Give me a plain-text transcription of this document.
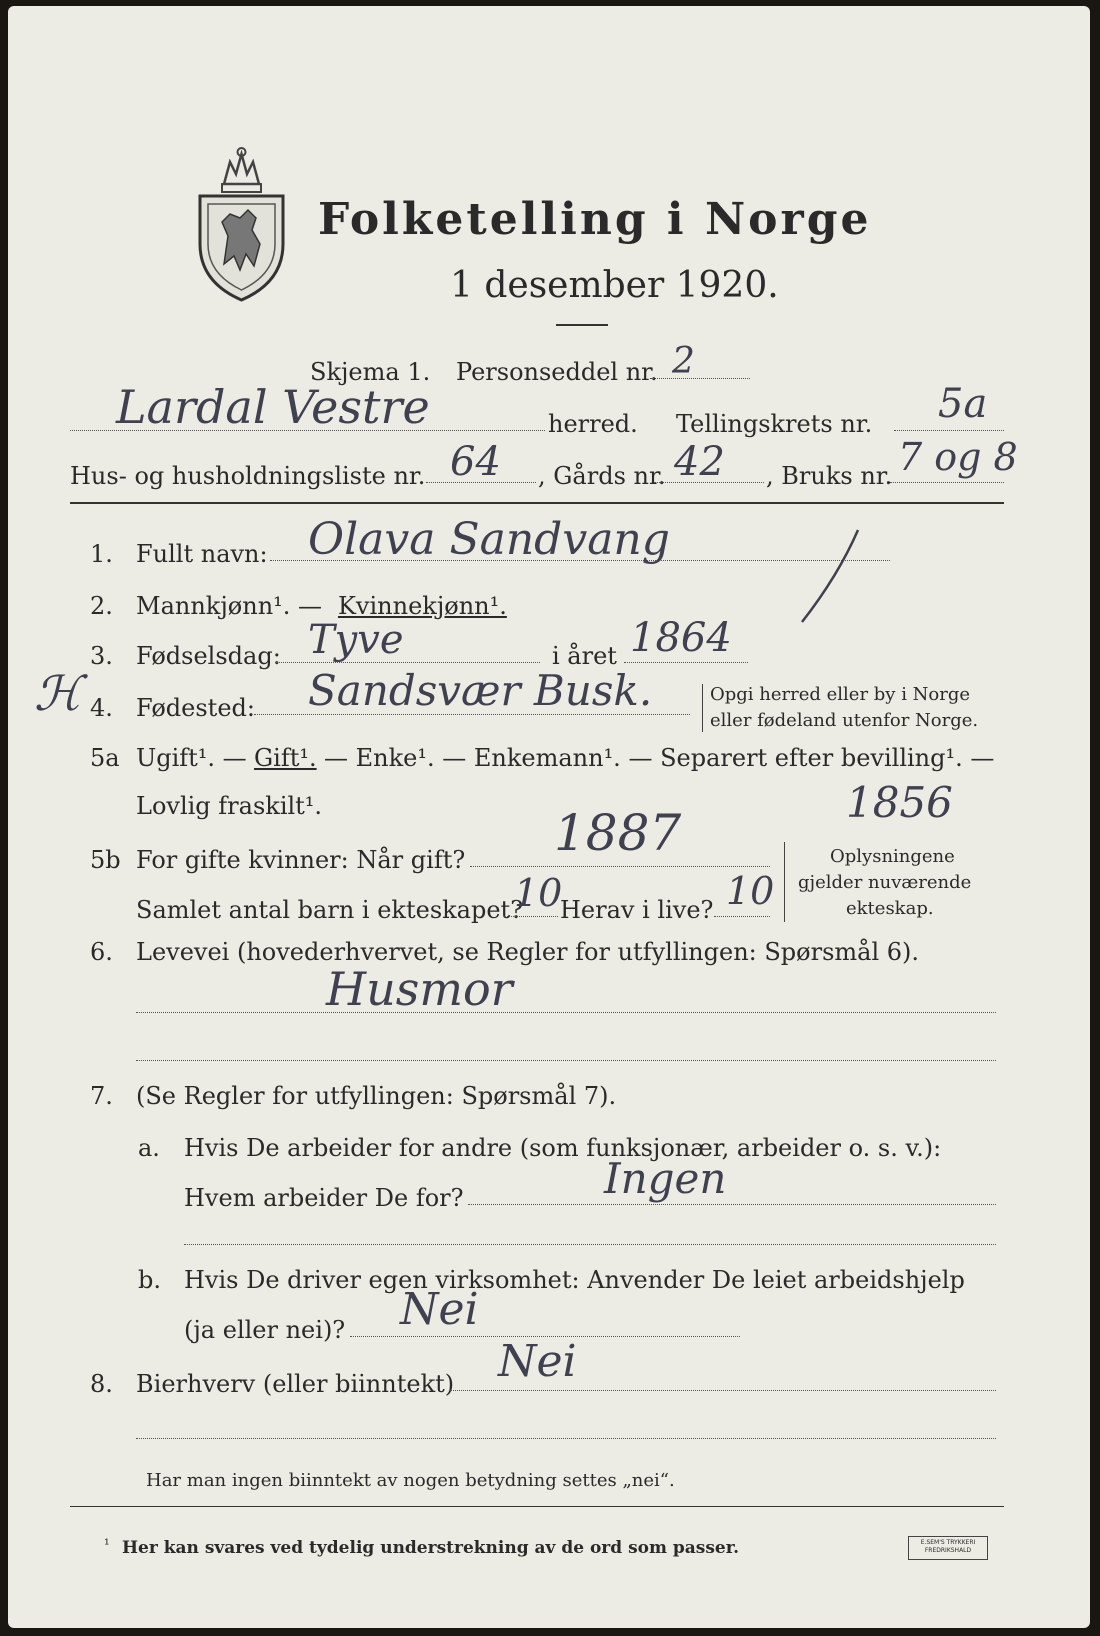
Folketelling i Norge
1 desember 1920.
Skjema 1. Personseddel nr. 2
Lardal Vestre	herred. Tellingskrets nr. 5a
Hus- og husholdningsliste nr. 64 , Gårds nr. 42 , Bruks nr. 7 og 8
1. Fullt navn: Olava Sandvang
2. Mannkjønn¹. — Kvinnekjønn¹.
3. Fødselsdag: Tyve	i året 1864
ℋ 4. Fødested: Sandsvær Busk.	Opgi herred eller by i Norge
eller fødeland utenfor Norge.
5a Ugift¹. — Gift¹. — Enke¹. — Enkemann¹. — Separert efter bevilling¹. —
Lovlig fraskilt¹.
5b For gifte kvinner: Når gift? 1887
1856
Samlet antal barn i ekteskapet?
10
Herav i live? 10
Oplysningene
gjelder nuværende
ekteskap.
6. Levevei (hovederhvervet, se Regler for utfyllingen: Spørsmål 6).
Husmor
7. (Se Regler for utfyllingen: Spørsmål 7).
a. Hvis De arbeider for andre (som funksjonær, arbeider o. s. v.):
Hvem arbeider De for?	Ingen
b. Hvis De driver egen virksomhet: Anvender De leiet arbeidshjelp
(ja eller nei)? Nei
8. Bierhverv (eller biinntekt) Nei
Har man ingen biinntekt av nogen betydning settes „nei“.
¹ Her kan svares ved tydelig understrekning av de ord som passer.	E.SEM'S TRYKKERI FREDRIKSHALD
